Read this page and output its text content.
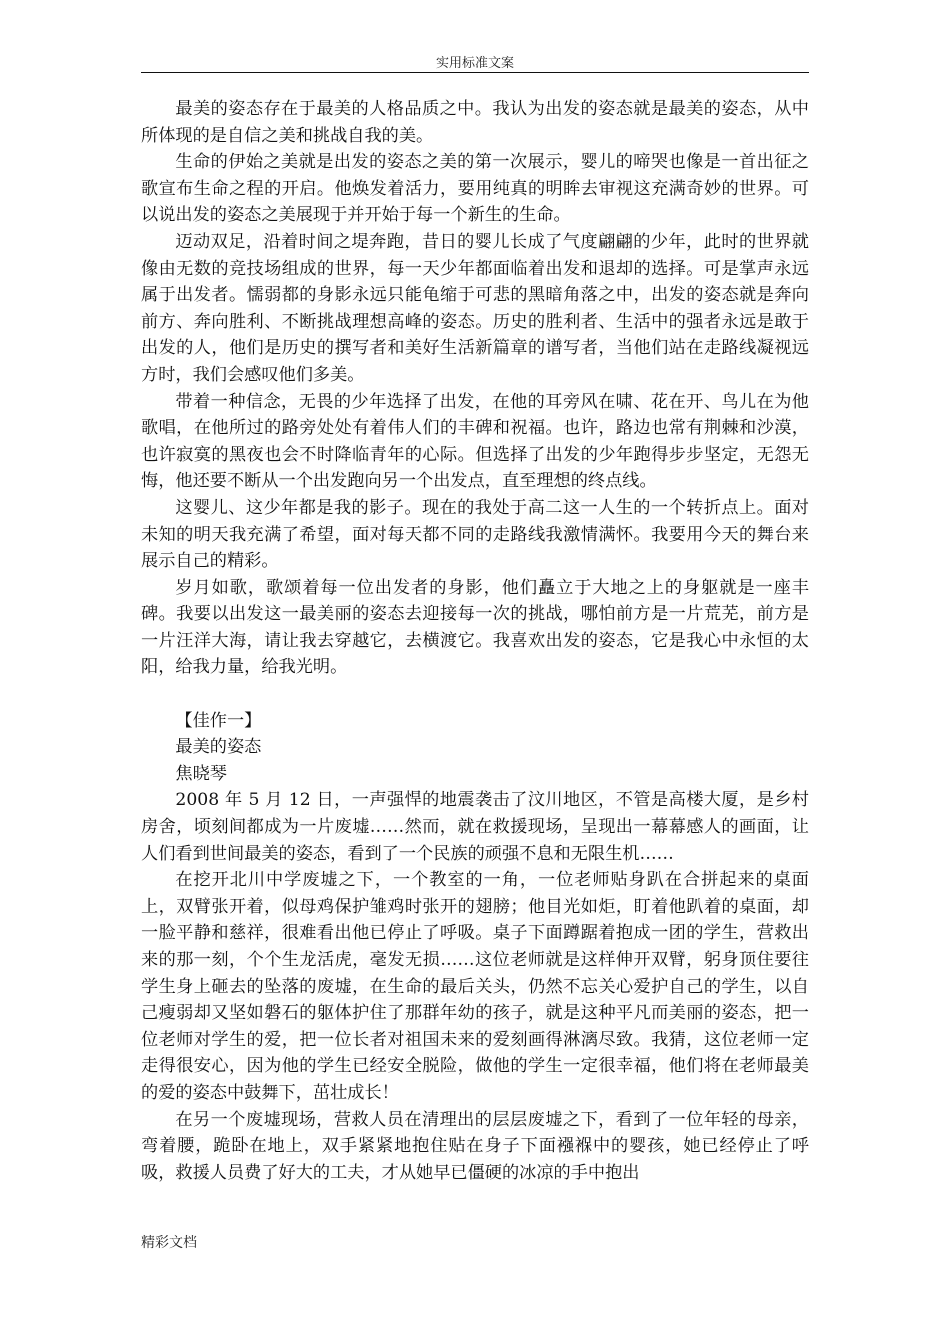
实用标准文案

最美的姿态存在于最美的人格品质之中。我认为出发的姿态就是最美的姿态，从中所体现的是自信之美和挑战自我的美。

生命的伊始之美就是出发的姿态之美的第一次展示，婴儿的啼哭也像是一首出征之歌宣布生命之程的开启。他焕发着活力，要用纯真的明眸去审视这充满奇妙的世界。可以说出发的姿态之美展现于并开始于每一个新生的生命。

迈动双足，沿着时间之堤奔跑，昔日的婴儿长成了气度翩翩的少年，此时的世界就像由无数的竞技场组成的世界，每一天少年都面临着出发和退却的选择。可是掌声永远属于出发者。懦弱都的身影永远只能龟缩于可悲的黑暗角落之中，出发的姿态就是奔向前方、奔向胜利、不断挑战理想高峰的姿态。历史的胜利者、生活中的强者永远是敢于出发的人，他们是历史的撰写者和美好生活新篇章的谱写者，当他们站在走路线凝视远方时，我们会感叹他们多美。

带着一种信念，无畏的少年选择了出发，在他的耳旁风在啸、花在开、鸟儿在为他歌唱，在他所过的路旁处处有着伟人们的丰碑和祝福。也许，路边也常有荆棘和沙漠，也许寂寞的黑夜也会不时降临青年的心际。但选择了出发的少年跑得步步坚定，无怨无悔，他还要不断从一个出发跑向另一个出发点，直至理想的终点线。

这婴儿、这少年都是我的影子。现在的我处于高二这一人生的一个转折点上。面对未知的明天我充满了希望，面对每天都不同的走路线我激情满怀。我要用今天的舞台来展示自己的精彩。

岁月如歌，歌颂着每一位出发者的身影，他们矗立于大地之上的身躯就是一座丰碑。我要以出发这一最美丽的姿态去迎接每一次的挑战，哪怕前方是一片荒芜，前方是一片汪洋大海，请让我去穿越它，去横渡它。我喜欢出发的姿态，它是我心中永恒的太阳，给我力量，给我光明。

【佳作一】

最美的姿态

焦晓琴

2008 年 5 月 12 日，一声强悍的地震袭击了汶川地区，不管是高楼大厦，是乡村房舍，顷刻间都成为一片废墟……然而，就在救援现场，呈现出一幕幕感人的画面，让人们看到世间最美的姿态，看到了一个民族的顽强不息和无限生机……

在挖开北川中学废墟之下，一个教室的一角，一位老师贴身趴在合拼起来的桌面上，双臂张开着，似母鸡保护雏鸡时张开的翅膀；他目光如炬，盯着他趴着的桌面，却一脸平静和慈祥，很难看出他已停止了呼吸。桌子下面蹲踞着抱成一团的学生，营救出来的那一刻，个个生龙活虎，毫发无损……这位老师就是这样伸开双臂，躬身顶住要往学生身上砸去的坠落的废墟，在生命的最后关头，仍然不忘关心爱护自己的学生，以自己瘦弱却又坚如磐石的躯体护住了那群年幼的孩子，就是这种平凡而美丽的姿态，把一位老师对学生的爱，把一位长者对祖国未来的爱刻画得淋漓尽致。我猜，这位老师一定走得很安心，因为他的学生已经安全脱险，做他的学生一定很幸福，他们将在老师最美的爱的姿态中鼓舞下，茁壮成长！

在另一个废墟现场，营救人员在清理出的层层废墟之下，看到了一位年轻的母亲，弯着腰，跪卧在地上，双手紧紧地抱住贴在身子下面襁褓中的婴孩，她已经停止了呼吸，救援人员费了好大的工夫，才从她早已僵硬的冰凉的手中抱出

精彩文档
